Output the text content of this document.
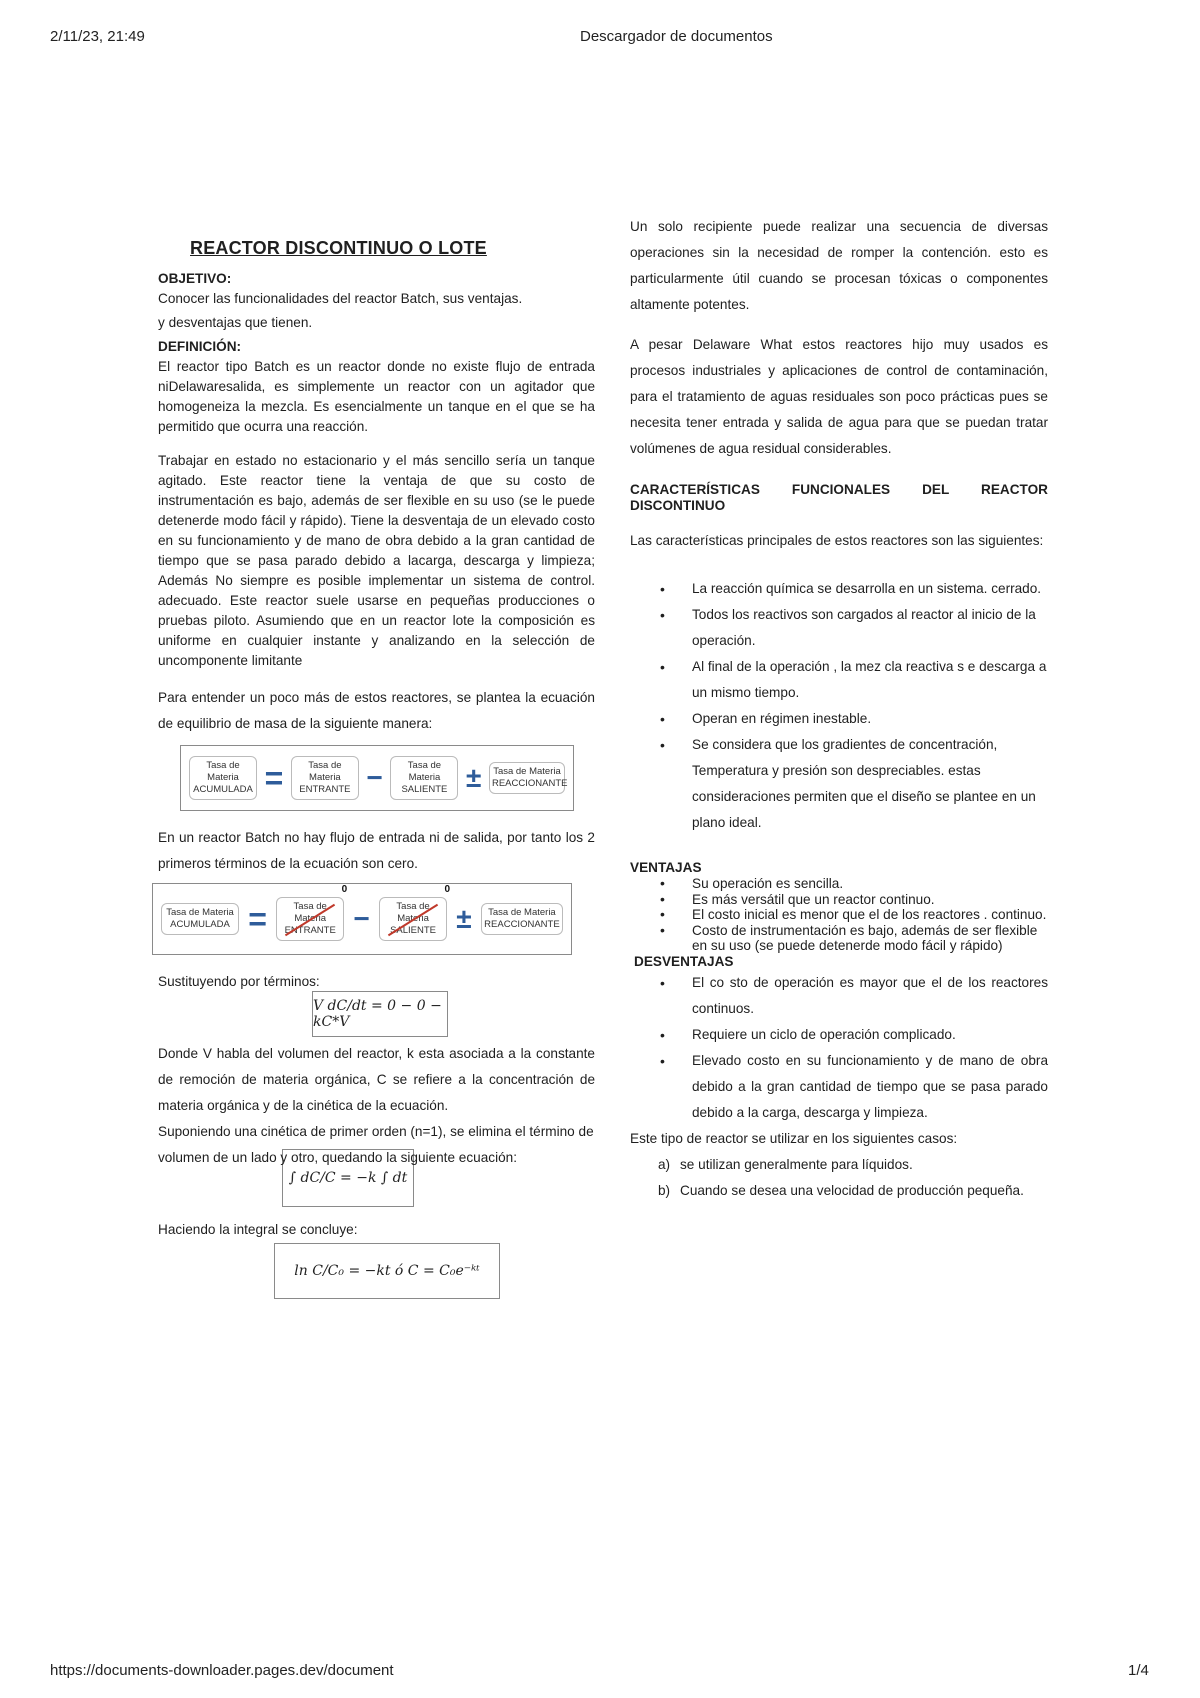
2/11/23, 21:49	Descargador de documentos

REACTOR DISCONTINUO O LOTE

OBJETIVO:

Conocer las funcionalidades del reactor Batch, sus ventajas.

y desventajas que tienen.

DEFINICIÓN:

El reactor tipo Batch es un reactor donde no existe flujo de entrada niDelawaresalida, es simplemente un reactor con un agitador que homogeneiza la mezcla. Es esencialmente un tanque en el que se ha permitido que ocurra una reacción.

Trabajar en estado no estacionario y el más sencillo sería un tanque agitado. Este reactor tiene la ventaja de que su costo de instrumentación es bajo, además de ser flexible en su uso (se le puede detenerde modo fácil y rápido). Tiene la desventaja de un elevado costo en su funcionamiento y de mano de obra debido a la gran cantidad de tiempo que se pasa parado debido a lacarga, descarga y limpieza; Además No siempre es posible implementar un sistema de control. adecuado. Este reactor suele usarse en pequeñas producciones o pruebas piloto. Asumiendo que en un reactor lote la composición es uniforme en cualquier instante y analizando en la selección de uncomponente limitante

Para entender un poco más de estos reactores, se plantea la ecuación de equilibrio de masa de la siguiente manera:

Tasa de Materia ACUMULADA =	Tasa de Materia ENTRANTE −	Tasa de Materia SALIENTE ±	Tasa de Materia REACCIONANTE

En un reactor Batch no hay flujo de entrada ni de salida, por tanto los 2 primeros términos de la ecuación son cero.

Tasa de Materia ACUMULADA =	Tasa de Materia ENTRANTE
0
−	Tasa de Materia SALIENTE
0
±	Tasa de Materia REACCIONANTE

Sustituyendo por términos:

V dC/dt = 0 − 0 − kC*V

Donde V habla del volumen del reactor, k esta asociada a la constante de remoción de materia orgánica, C se refiere a la concentración de materia orgánica y de la cinética de la ecuación.

Suponiendo una cinética de primer orden (n=1), se elimina el término de volumen de un lado y otro, quedando la siguiente ecuación:

∫ dC/C = −k ∫ dt

Haciendo la integral se concluye:

ln C/C₀ = −kt ó C = C₀e⁻ᵏᵗ

Un solo recipiente puede realizar una secuencia de diversas operaciones sin la necesidad de romper la contención. esto es particularmente útil cuando se procesan tóxicas o componentes altamente potentes.

A pesar Delaware What estos reactores hijo muy usados es procesos industriales y aplicaciones de control de contaminación, para el tratamiento de aguas residuales son poco prácticas pues se necesita tener entrada y salida de agua para que se puedan tratar volúmenes de agua residual considerables.

CARACTERÍSTICAS FUNCIONALES DEL REACTOR DISCONTINUO

Las características principales de estos reactores son las siguientes:

• La reacción química se desarrolla en un sistema. cerrado.
• Todos los reactivos son cargados al reactor al inicio de la operación.
• Al final de la operación , la mez cla reactiva s e descarga a un mismo tiempo.
• Operan en régimen inestable.
• Se considera que los gradientes de concentración, Temperatura y presión son despreciables. estas consideraciones permiten que el diseño se plantee en un plano ideal.

VENTAJAS

• Su operación es sencilla.
• Es más versátil que un reactor continuo.
• El costo inicial es menor que el de los reactores . continuo.
• Costo de instrumentación es bajo, además de ser flexible en su uso (se puede detenerde modo fácil y rápido)

DESVENTAJAS

• El co sto de operación es mayor que el de los reactores continuos.
• Requiere un ciclo de operación complicado.
• Elevado costo en su funcionamiento y de mano de obra debido a la gran cantidad de tiempo que se pasa parado debido a la carga, descarga y limpieza.

Este tipo de reactor se utilizar en los siguientes casos:

a) se utilizan generalmente para líquidos.
b) Cuando se desea una velocidad de producción pequeña.
https://documents-downloader.pages.dev/document	1/4
